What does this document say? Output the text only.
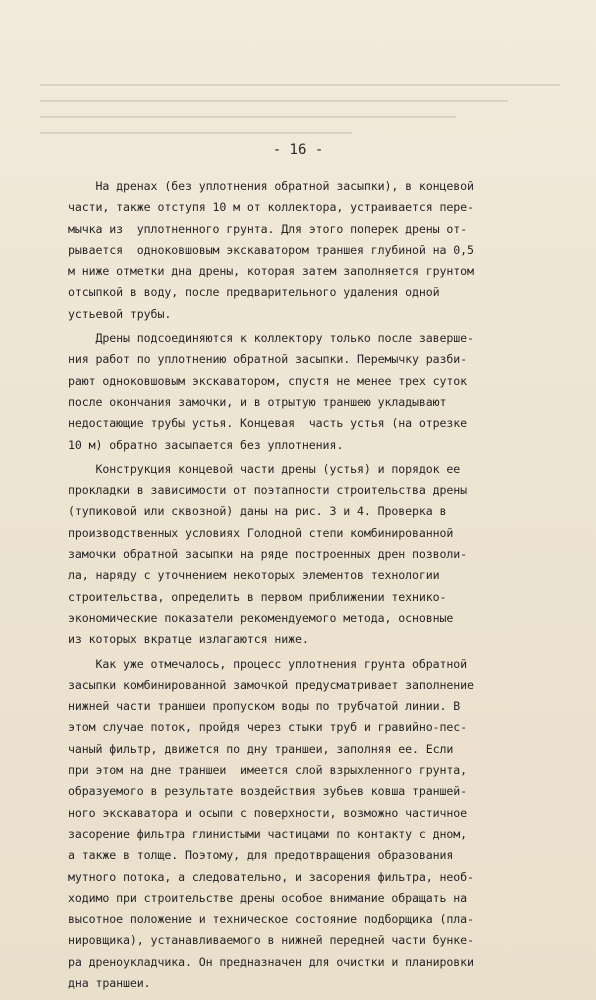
- 16 -
На дренах (без уплотнения обратной засыпки), в концевой
части, также отступя 10 м от коллектора, устраивается пере-
мычка из  уплотненного грунта. Для этого поперек дрены от-
рывается  одноковшовым экскаватором траншея глубиной на 0,5
м ниже отметки дна дрены, которая затем заполняется грунтом
отсыпкой в воду, после предварительного удаления одной
устьевой трубы.
Дрены подсоединяются к коллектору только после заверше-
ния работ по уплотнению обратной засыпки. Перемычку разби-
рают одноковшовым экскаватором, спустя не менее трех суток
после окончания замочки, и в отрытую траншею укладывают
недостающие трубы устья. Концевая  часть устья (на отрезке
10 м) обратно засыпается без уплотнения.
Конструкция концевой части дрены (устья) и порядок ее
прокладки в зависимости от поэтапности строительства дрены
(тупиковой или сквозной) даны на рис. 3 и 4. Проверка в
производственных условиях Голодной степи комбинированной
замочки обратной засыпки на ряде построенных дрен позволи-
ла, наряду с уточнением некоторых элементов технологии
строительства, определить в первом приближении технико-
экономические показатели рекомендуемого метода, основные
из которых вкратце излагаются ниже.
Как уже отмечалось, процесс уплотнения грунта обратной
засыпки комбинированной замочкой предусматривает заполнение
нижней части траншеи пропуском воды по трубчатой линии. В
этом случае поток, пройдя через стыки труб и гравийно-пес-
чаный фильтр, движется по дну траншеи, заполняя ее. Если
при этом на дне траншеи  имеется слой взрыхленного грунта,
образуемого в результате воздействия зубьев ковша траншей-
ного экскаватора и осыпи с поверхности, возможно частичное
засорение фильтра глинистыми частицами по контакту с дном,
а также в толще. Поэтому, для предотвращения образования
мутного потока, а следовательно, и засорения фильтра, необ-
ходимо при строительстве дрены особое внимание обращать на
высотное положение и техническое состояние подборщика (пла-
нировщика), устанавливаемого в нижней передней части бунке-
ра дреноукладчика. Он предназначен для очистки и планировки
дна траншеи.
